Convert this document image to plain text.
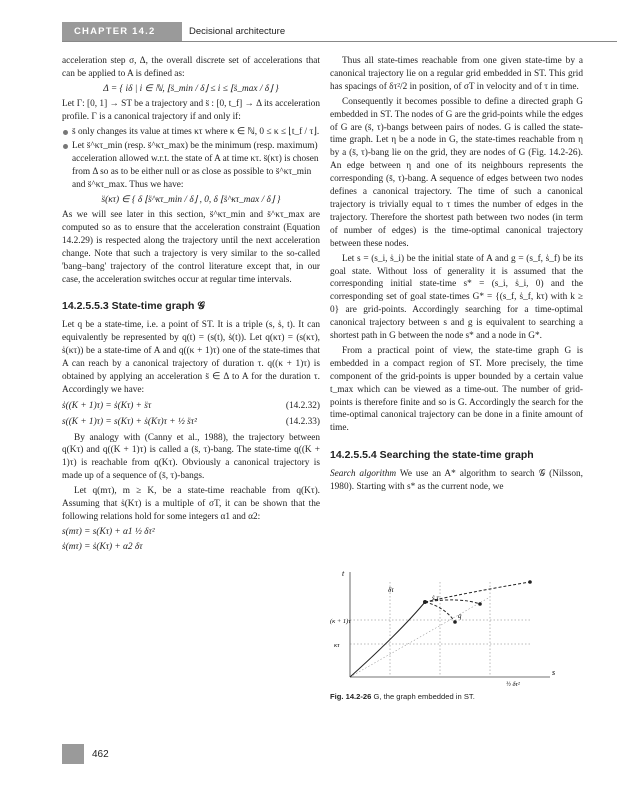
CHAPTER 14.2	Decisional architecture

acceleration step σ, Δ, the overall discrete set of accelerations that can be applied to A is defined as:

Δ = { iδ | i ∈ ℕ, ⌊s̈_min / δ⌋ ≤ i ≤ ⌊s̈_max / δ⌋ }

Let Γ: [0, 1] → ST be a trajectory and s̈ : [0, t_f] → Δ its acceleration profile. Γ is a canonical trajectory if and only if:

s̈ only changes its value at times κτ where κ ∈ ℕ, 0 ≤ κ ≤ ⌊t_f / τ⌋.
Let s̈^κτ_min (resp. s̈^κτ_max) be the minimum (resp. maximum) acceleration allowed w.r.t. the state of A at time κτ. s̈(κτ) is chosen from Δ so as to be either null or as close as possible to s̈^κτ_min and s̈^κτ_max. Thus we have:

s̈(κτ) ∈ { δ ⌊s̈^κτ_min / δ⌋ , 0, δ ⌊s̈^κτ_max / δ⌋ }

As we will see later in this section, s̈^κτ_min and s̈^κτ_max are computed so as to ensure that the acceleration constraint (Equation 14.2.29) is respected along the trajectory until the next acceleration change. Note that such a trajectory is very similar to the so-called 'bang–bang' trajectory of the control literature except that, in our case, the acceleration switches occur at regular time intervals.

14.2.5.5.3 State-time graph 𝒢

Let q be a state-time, i.e. a point of ST. It is a triple (s, ṡ, t). It can equivalently be represented by q(t) = (s(t), ṡ(t)). Let q(κτ) = (s(κτ), ṡ(κτ)) be a state-time of A and q((κ + 1)τ) one of the state-times that A can reach by a canonical trajectory of duration τ. q((κ + 1)τ) is obtained by applying an acceleration s̈ ∈ Δ to A for the duration τ. Accordingly we have:

ṡ((K + 1)τ) = ṡ(Kτ) + s̈τ	(14.2.32)
s((K + 1)τ) = s(Kτ) + ṡ(Kτ)τ + ½ s̈τ²	(14.2.33)

By analogy with (Canny et al., 1988), the trajectory between q(Kτ) and q((K + 1)τ) is called a (s̈, τ)-bang. The state-time q((K + 1)τ) is reachable from q(Kτ). Obviously a canonical trajectory is made up of a sequence of (s̈, τ)-bangs.

Let q(mτ), m ≥ K, be a state-time reachable from q(Kτ). Assuming that ṡ(Kτ) is a multiple of σT, it can be shown that the following relations hold for some integers α1 and α2:

s(mτ) = s(Kτ) + α1 ½ δτ²

ṡ(mτ) = ṡ(Kτ) + α2 δτ

Thus all state-times reachable from one given state-time by a canonical trajectory lie on a regular grid embedded in ST. This grid has spacings of δτ²/2 in position, of σT in velocity and of τ in time.

Consequently it becomes possible to define a directed graph G embedded in ST. The nodes of G are the grid-points while the edges of G are (s̈, τ)-bangs between pairs of nodes. G is called the state-time graph. Let η be a node in G, the state-times reachable from η by a (s̈, τ)-bang lie on the grid, they are nodes of G (Fig. 14.2-26). An edge between η and one of its neighbours represents the corresponding (s̈, τ)-bang. A sequence of edges between two nodes defines a canonical trajectory. The time of such a canonical trajectory is trivially equal to τ times the number of edges in the trajectory. Therefore the shortest path between two nodes (in term of number of edges) is the time-optimal canonical trajectory between these nodes.

Let s = (s_i, ṡ_i) be the initial state of A and g = (s_f, ṡ_f) be its goal state. Without loss of generality it is assumed that the corresponding initial state-time s* = (s_i, ṡ_i, 0) and the corresponding set of goal state-times G* = {(s_f, ṡ_f, kτ) with k ≥ 0} are grid-points. Accordingly searching for a time-optimal canonical trajectory between s and g is equivalent to searching a shortest path in G between the node s* and a node in G*.

From a practical point of view, the state-time graph G is embedded in a compact region of ST. More precisely, the time component of the grid-points is upper bounded by a certain value t_max which can be viewed as a time-out. The number of grid-points is therefore finite and so is G. Accordingly the search for the time-optimal canonical trajectory can be done in a finite amount of time.

14.2.5.5.4 Searching the state-time graph

Search algorithm We use an A* algorithm to search 𝒢 (Nilsson, 1980). Starting with s* as the current node, we

t
s
δτ
ṡ,τ
q
(κ + 1)τ
κτ
½ δτ²
Fig. 14.2-26 G, the graph embedded in ST.
462
